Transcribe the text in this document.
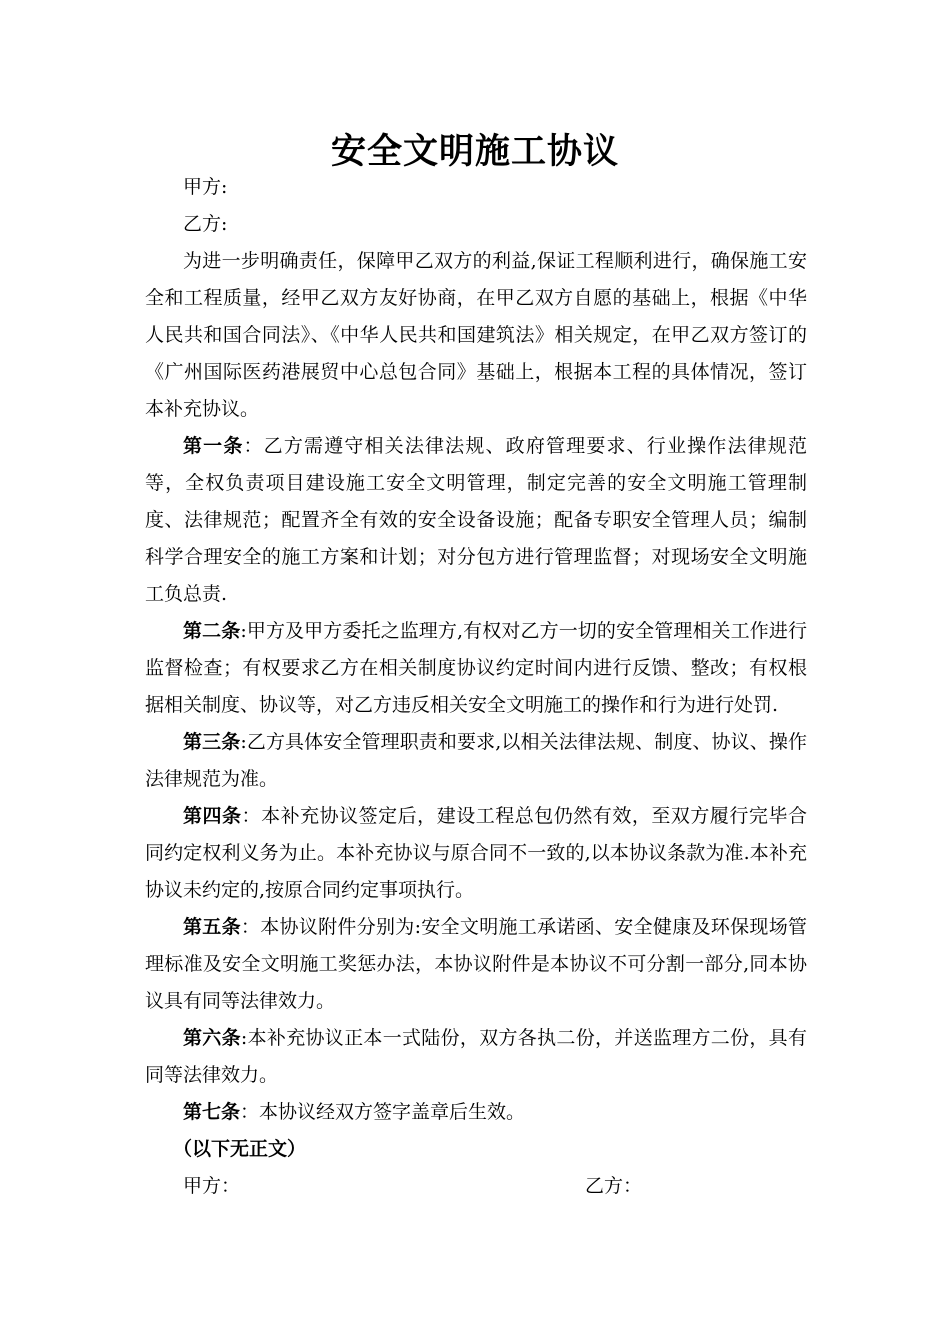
安全文明施工协议

甲方:

乙方:

为进一步明确责任，保障甲乙双方的利益,保证工程顺利进行，确保施工安全和工程质量，经甲乙双方友好协商，在甲乙双方自愿的基础上，根据《中华人民共和国合同法》、《中华人民共和国建筑法》相关规定，在甲乙双方签订的《广州国际医药港展贸中心总包合同》基础上，根据本工程的具体情况，签订本补充协议。

第一条：乙方需遵守相关法律法规、政府管理要求、行业操作法律规范等，全权负责项目建设施工安全文明管理，制定完善的安全文明施工管理制度、法律规范；配置齐全有效的安全设备设施；配备专职安全管理人员；编制科学合理安全的施工方案和计划；对分包方进行管理监督；对现场安全文明施工负总责.

第二条:甲方及甲方委托之监理方,有权对乙方一切的安全管理相关工作进行监督检查；有权要求乙方在相关制度协议约定时间内进行反馈、整改；有权根据相关制度、协议等，对乙方违反相关安全文明施工的操作和行为进行处罚.

第三条:乙方具体安全管理职责和要求,以相关法律法规、制度、协议、操作法律规范为准。

第四条：本补充协议签定后，建设工程总包仍然有效，至双方履行完毕合同约定权利义务为止。本补充协议与原合同不一致的,以本协议条款为准.本补充协议未约定的,按原合同约定事项执行。

第五条：本协议附件分别为:安全文明施工承诺函、安全健康及环保现场管理标准及安全文明施工奖惩办法，本协议附件是本协议不可分割一部分,同本协议具有同等法律效力。

第六条:本补充协议正本一式陆份，双方各执二份，并送监理方二份，具有同等法律效力。

第七条：本协议经双方签字盖章后生效。

（以下无正文）

甲方：	乙方：
